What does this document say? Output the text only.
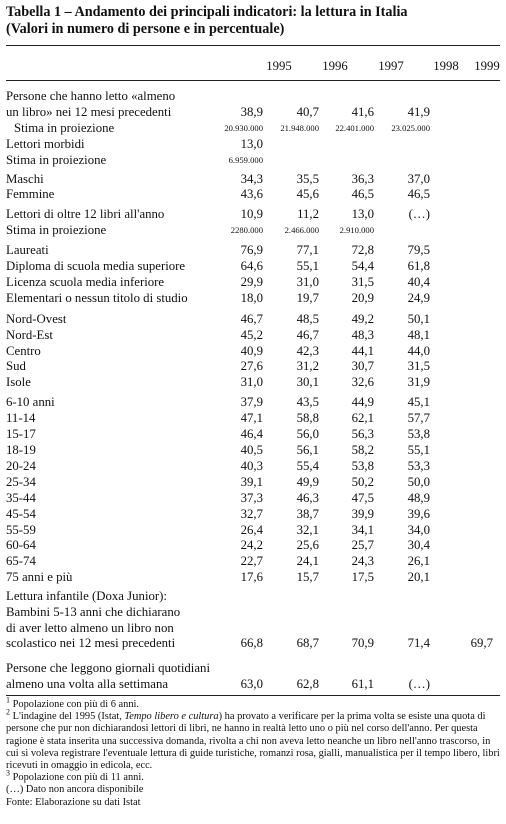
Tabella 1 – Andamento dei principali indicatori: la lettura in Italia
(Valori in numero di persone e in percentuale)
1995	1996	1997	1998	1999
Persone che hanno letto «almeno
un libro» nei 12 mesi precedenti	38,9	40,7	41,6	41,9
Stima in proiezione	20.930.000	21.948.000	22.401.000	23.025.000
Lettori morbidi	13,0
Stima in proiezione	6.959.000
Maschi	34,3	35,5	36,3	37,0
Femmine	43,6	45,6	46,5	46,5
Lettori di oltre 12 libri all'anno	10,9	11,2	13,0	(…)
Stima in proiezione	2280.000	2.466.000	2.910.000
Laureati	76,9	77,1	72,8	79,5
Diploma di scuola media superiore	64,6	55,1	54,4	61,8
Licenza scuola media inferiore	29,9	31,0	31,5	40,4
Elementari o nessun titolo di studio	18,0	19,7	20,9	24,9
Nord-Ovest	46,7	48,5	49,2	50,1
Nord-Est	45,2	46,7	48,3	48,1
Centro	40,9	42,3	44,1	44,0
Sud	27,6	31,2	30,7	31,5
Isole	31,0	30,1	32,6	31,9
6-10 anni	37,9	43,5	44,9	45,1
11-14	47,1	58,8	62,1	57,7
15-17	46,4	56,0	56,3	53,8
18-19	40,5	56,1	58,2	55,1
20-24	40,3	55,4	53,8	53,3
25-34	39,1	49,9	50,2	50,0
35-44	37,3	46,3	47,5	48,9
45-54	32,7	38,7	39,9	39,6
55-59	26,4	32,1	34,1	34,0
60-64	24,2	25,6	25,7	30,4
65-74	22,7	24,1	24,3	26,1
75 anni e più	17,6	15,7	17,5	20,1
Lettura infantile (Doxa Junior):
Bambini 5-13 anni che dichiarano
di aver letto almeno un libro non
scolastico nei 12 mesi precedenti	66,8	68,7	70,9	71,4	69,7
Persone che leggono giornali quotidiani
almeno una volta alla settimana	63,0	62,8	61,1	(…)

$^1$ Popolazione con più di 6 anni.

$^2$ L'indagine del 1995 (Istat, Tempo libero e cultura) ha provato a verificare per la prima volta se esiste una quota di persone che pur non dichiarandosi lettori di libri, ne hanno in realtà letto uno o più nel corso dell'anno. Per questa ragione è stata inserita una successiva domanda, rivolta a chi non aveva letto neanche un libro nell'anno trascorso, in cui si voleva registrare l'eventuale lettura di guide turistiche, romanzi rosa, gialli, manualistica per il tempo libero, libri ricevuti in omaggio in edicola, ecc.

$^3$ Popolazione con più di 11 anni.

(…) Dato non ancora disponibile

Fonte: Elaborazione su dati Istat
